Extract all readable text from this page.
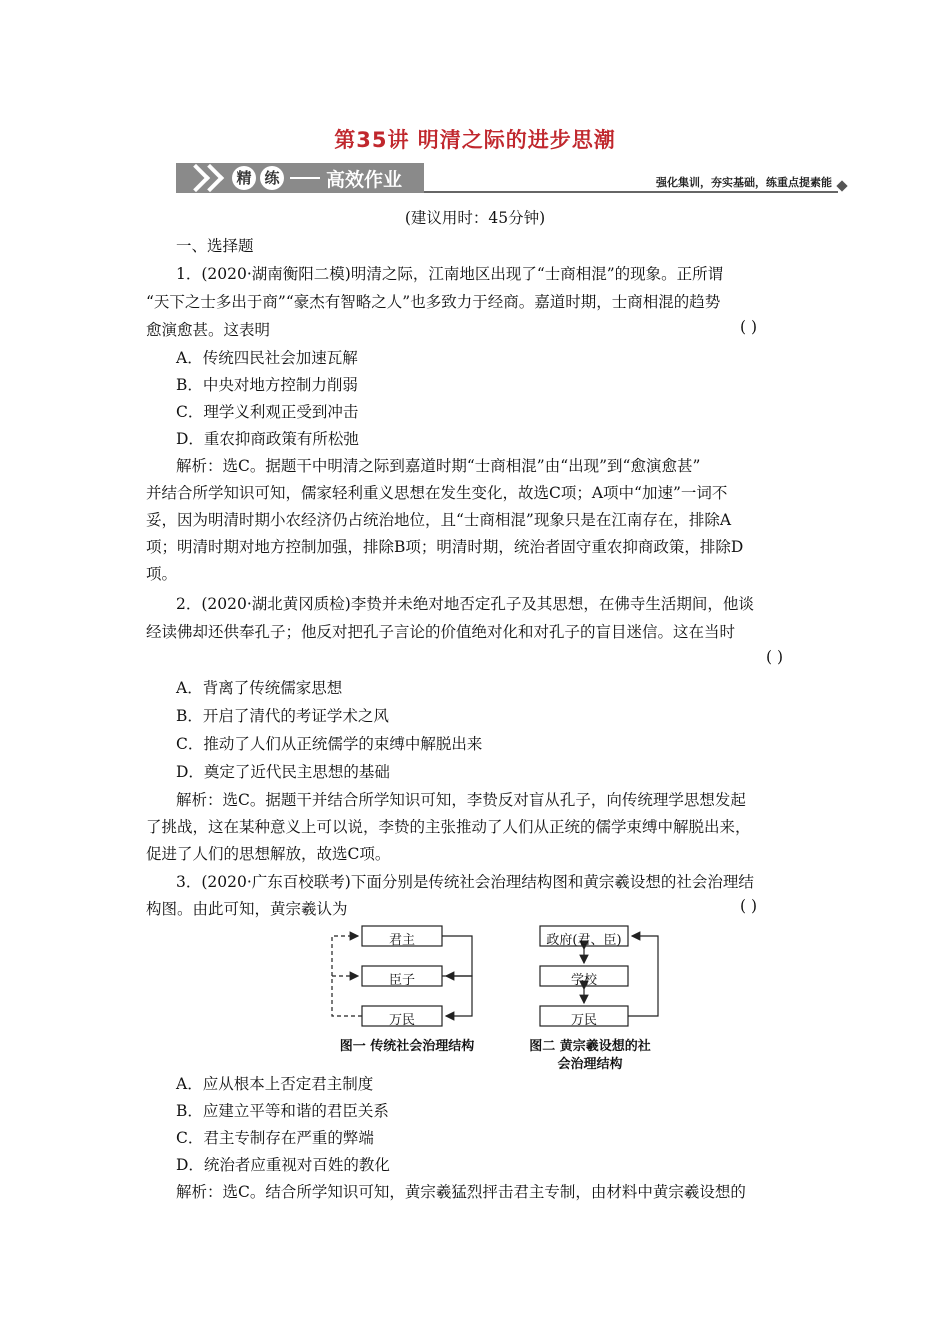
第35讲 明清之际的进步思潮
精 练 高效作业	强化集训，夯实基础，练重点提素能
(建议用时：45分钟)
一、选择题
1．(2020·湖南衡阳二模)明清之际，江南地区出现了“士商相混”的现象。正所谓
“天下之士多出于商”“豪杰有智略之人”也多致力于经商。嘉道时期，士商相混的趋势
愈演愈甚。这表明	( )
A．传统四民社会加速瓦解
B．中央对地方控制力削弱
C．理学义利观正受到冲击
D．重农抑商政策有所松弛
解析：选C。据题干中明清之际到嘉道时期“士商相混”由“出现”到“愈演愈甚”
并结合所学知识可知，儒家轻利重义思想在发生变化，故选C项；A项中“加速”一词不
妥，因为明清时期小农经济仍占统治地位，且“士商相混”现象只是在江南存在，排除A
项；明清时期对地方控制加强，排除B项；明清时期，统治者固守重农抑商政策，排除D
项。
2．(2020·湖北黄冈质检)李贽并未绝对地否定孔子及其思想，在佛寺生活期间，他谈
经读佛却还供奉孔子；他反对把孔子言论的价值绝对化和对孔子的盲目迷信。这在当时
( )
A．背离了传统儒家思想
B．开启了清代的考证学术之风
C．推动了人们从正统儒学的束缚中解脱出来
D．奠定了近代民主思想的基础
解析：选C。据题干并结合所学知识可知，李贽反对盲从孔子，向传统理学思想发起
了挑战，这在某种意义上可以说，李贽的主张推动了人们从正统的儒学束缚中解脱出来，
促进了人们的思想解放，故选C项。
3．(2020·广东百校联考)下面分别是传统社会治理结构图和黄宗羲设想的社会治理结
构图。由此可知，黄宗羲认为	( )
君主
臣子
万民
政府(君、臣)
学校
万民
图一 传统社会治理结构	图二 黄宗羲设想的社
会治理结构
A．应从根本上否定君主制度
B．应建立平等和谐的君臣关系
C．君主专制存在严重的弊端
D．统治者应重视对百姓的教化
解析：选C。结合所学知识可知，黄宗羲猛烈抨击君主专制，由材料中黄宗羲设想的
